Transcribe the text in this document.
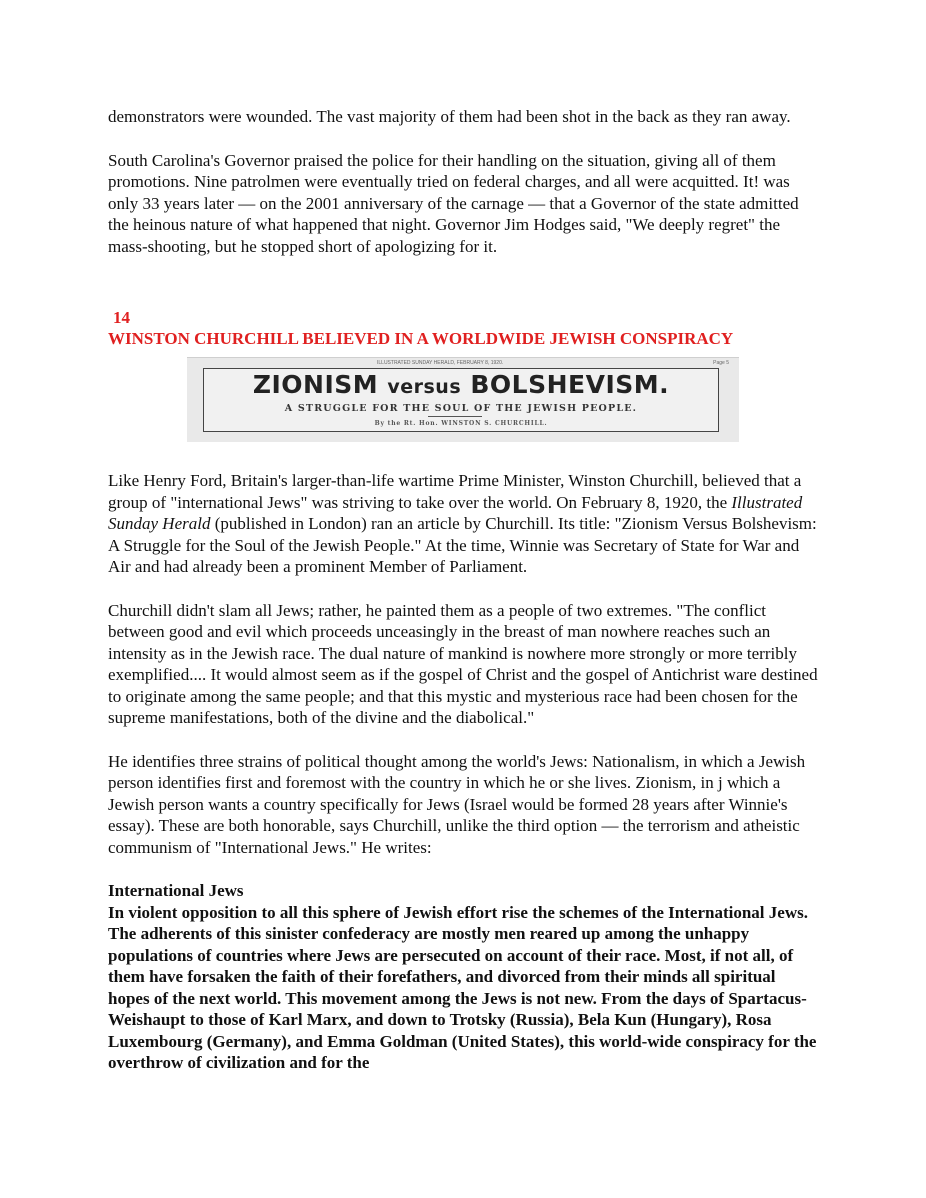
demonstrators were wounded. The vast majority of them had been shot in the back as they ran away.

South Carolina's Governor praised the police for their handling on the situation, giving all of them promotions. Nine patrolmen were eventually tried on federal charges, and all were acquitted. It! was only 33 years later — on the 2001 anniversary of the carnage — that a Governor of the state admitted the heinous nature of what happened that night. Governor Jim Hodges said, "We deeply regret" the mass-shooting, but he stopped short of apologizing for it.

14
WINSTON CHURCHILL BELIEVED IN A WORLDWIDE JEWISH CONSPIRACY
ILLUSTRATED SUNDAY HERALD, FEBRUARY 8, 1920.	Page 5
ZIONISM versus BOLSHEVISM.
A STRUGGLE FOR THE SOUL OF THE JEWISH PEOPLE.
By the Rt. Hon. WINSTON S. CHURCHILL.

Like Henry Ford, Britain's larger-than-life wartime Prime Minister, Winston Churchill, believed that a group of "international Jews" was striving to take over the world. On February 8, 1920, the Illustrated Sunday Herald (published in London) ran an article by Churchill. Its title: "Zionism Versus Bolshevism: A Struggle for the Soul of the Jewish People." At the time, Winnie was Secretary of State for War and Air and had already been a prominent Member of Parliament.

Churchill didn't slam all Jews; rather, he painted them as a people of two extremes. "The conflict between good and evil which proceeds unceasingly in the breast of man nowhere reaches such an intensity as in the Jewish race. The dual nature of mankind is nowhere more strongly or more terribly exemplified.... It would almost seem as if the gospel of Christ and the gospel of Antichrist ware destined to originate among the same people; and that this mystic and mysterious race had been chosen for the supreme manifestations, both of the divine and the diabolical."

He identifies three strains of political thought among the world's Jews: Nationalism, in which a Jewish person identifies first and foremost with the country in which he or she lives. Zionism, in j which a Jewish person wants a country specifically for Jews (Israel would be formed 28 years after Winnie's essay). These are both honorable, says Churchill, unlike the third option — the terrorism and atheistic communism of "International Jews." He writes:

International Jews
In violent opposition to all this sphere of Jewish effort rise the schemes of the International Jews. The adherents of this sinister confederacy are mostly men reared up among the unhappy populations of countries where Jews are persecuted on account of their race. Most, if not all, of them have forsaken the faith of their forefathers, and divorced from their minds all spiritual hopes of the next world. This movement among the Jews is not new. From the days of Spartacus-Weishaupt to those of Karl Marx, and down to Trotsky (Russia), Bela Kun (Hungary), Rosa Luxembourg (Germany), and Emma Goldman (United States), this world-wide conspiracy for the overthrow of civilization and for the
